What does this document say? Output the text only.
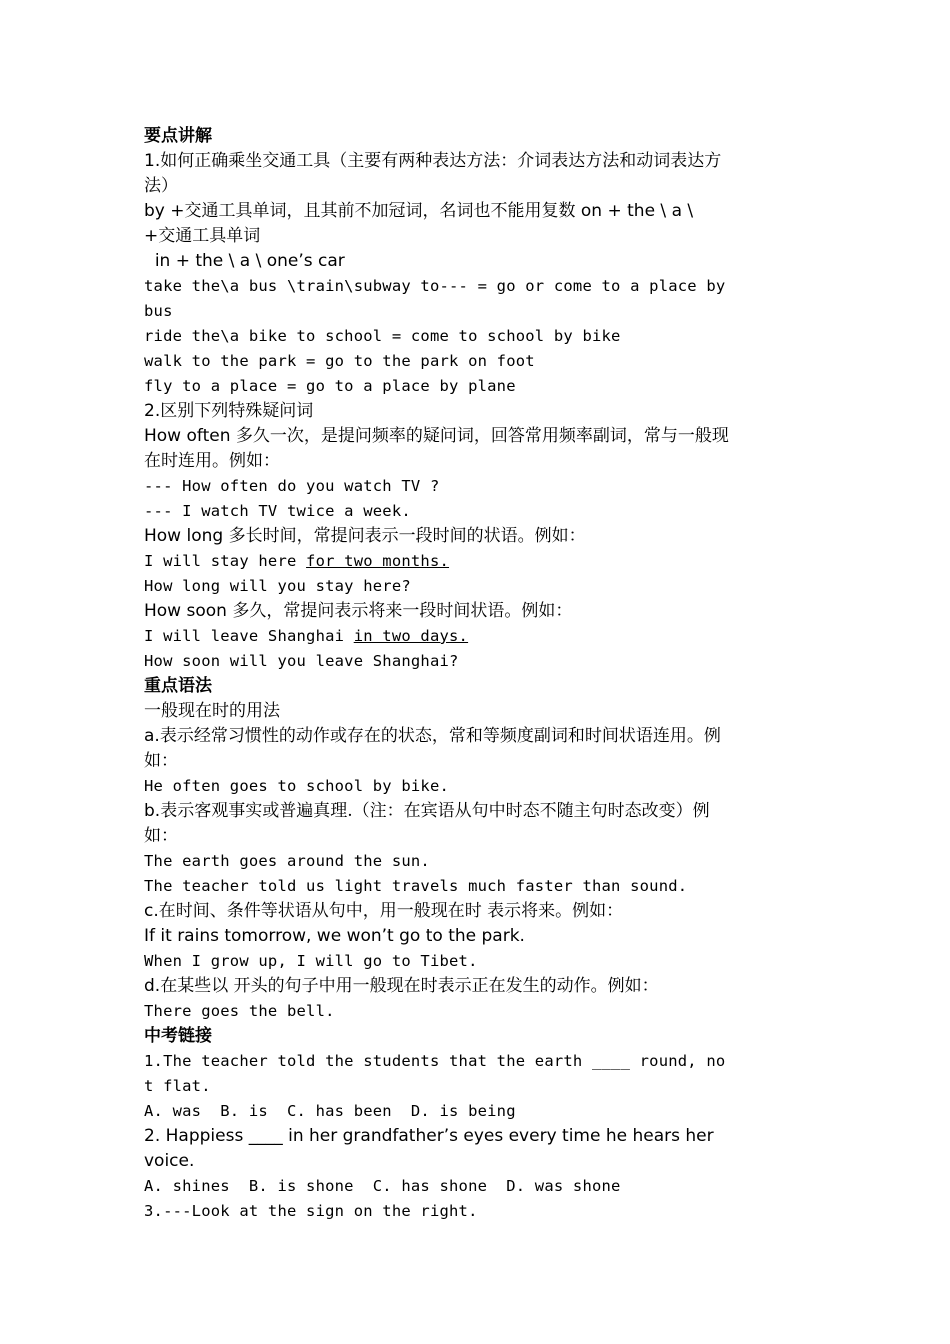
要点讲解
1.如何正确乘坐交通工具（主要有两种表达方法：介词表达方法和动词表达方法）
by +交通工具单词，且其前不加冠词，名词也不能用复数 on + the \ a \ +交通工具单词
in + the \ a \ one’s car
take the\a bus \train\subway to--- = go or come to a place by bus
ride the\a bike to school = come to school by bike
walk to the park = go to the park on foot
fly to a place = go to a place by plane
2.区别下列特殊疑问词
How often 多久一次，是提问频率的疑问词，回答常用频率副词，常与一般现在时连用。例如：
--- How often do you watch TV ?
--- I watch TV twice a week.
How long 多长时间，常提问表示一段时间的状语。例如：
I will stay here for two months.
How long will you stay here?
How soon 多久，常提问表示将来一段时间状语。例如：
I will leave Shanghai in two days.
How soon will you leave Shanghai?
重点语法
一般现在时的用法
a.表示经常习惯性的动作或存在的状态，常和等频度副词和时间状语连用。例如：
He often goes to school by bike.
b.表示客观事实或普遍真理.（注：在宾语从句中时态不随主句时态改变）例如：
The earth goes around the sun.
The teacher told us light travels much faster than sound.
c.在时间、条件等状语从句中，用一般现在时 表示将来。例如：
If it rains tomorrow, we won’t go to the park.
When I grow up, I will go to Tibet.
d.在某些以 开头的句子中用一般现在时表示正在发生的动作。例如：
There goes the bell.
中考链接
1.The teacher told the students that the earth ____ round, not flat.
A. was  B. is  C. has been  D. is being
2. Happiess ____ in her grandfather’s eyes every time he hears her voice.
A. shines  B. is shone  C. has shone  D. was shone
3.---Look at the sign on the right.
